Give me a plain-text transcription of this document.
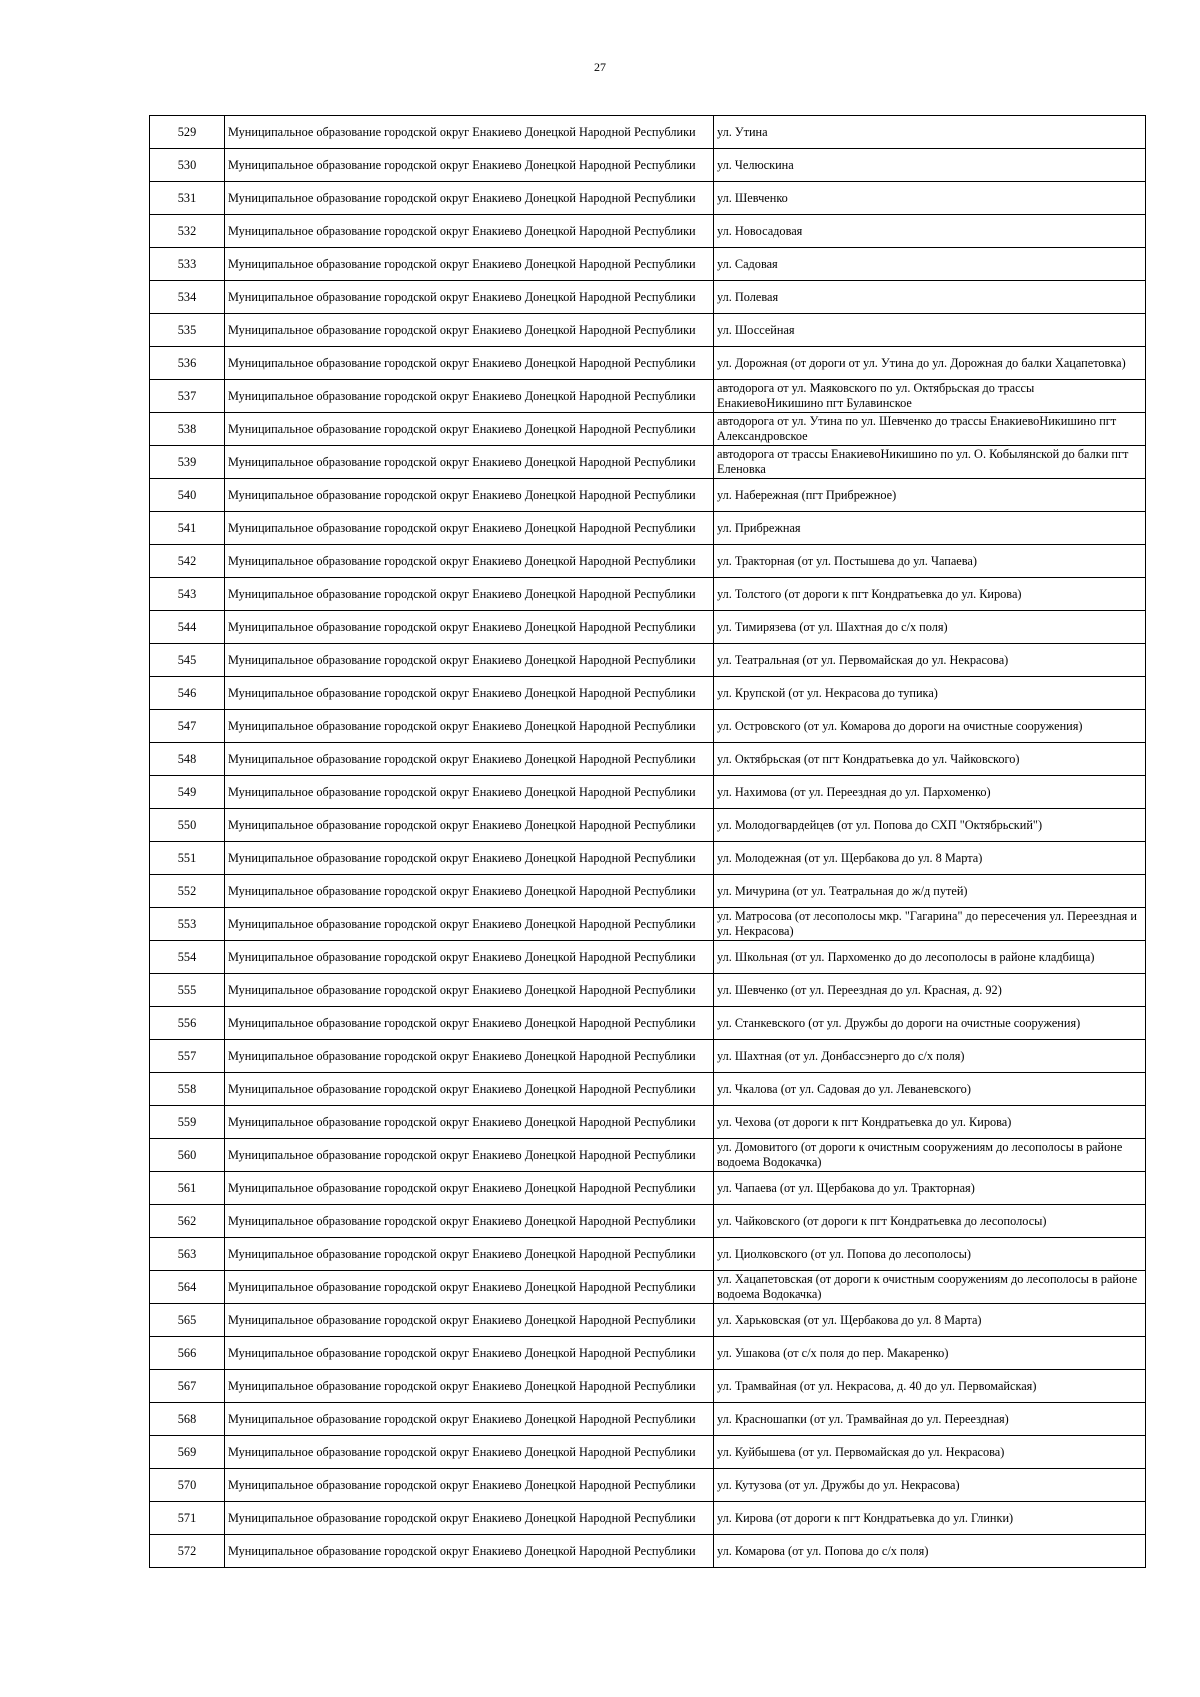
27
529	Муниципальное образование городской округ Енакиево Донецкой Народной Республики	ул. Утина
530	Муниципальное образование городской округ Енакиево Донецкой Народной Республики	ул. Челюскина
531	Муниципальное образование городской округ Енакиево Донецкой Народной Республики	ул. Шевченко
532	Муниципальное образование городской округ Енакиево Донецкой Народной Республики	ул. Новосадовая
533	Муниципальное образование городской округ Енакиево Донецкой Народной Республики	ул. Садовая
534	Муниципальное образование городской округ Енакиево Донецкой Народной Республики	ул. Полевая
535	Муниципальное образование городской округ Енакиево Донецкой Народной Республики	ул. Шоссейная
536	Муниципальное образование городской округ Енакиево Донецкой Народной Республики	ул. Дорожная (от дороги от ул. Утина до ул. Дорожная до балки Хацапетовка)
537	Муниципальное образование городской округ Енакиево Донецкой Народной Республики	автодорога от ул. Маяковского по ул. Октябрьская до трассы ЕнакиевоНикишино пгт Булавинское
538	Муниципальное образование городской округ Енакиево Донецкой Народной Республики	автодорога от ул. Утина по ул. Шевченко до трассы ЕнакиевоНикишино пгт Александровское
539	Муниципальное образование городской округ Енакиево Донецкой Народной Республики	автодорога от трассы ЕнакиевоНикишино по ул. О. Кобылянской до балки пгт Еленовка
540	Муниципальное образование городской округ Енакиево Донецкой Народной Республики	ул. Набережная (пгт Прибрежное)
541	Муниципальное образование городской округ Енакиево Донецкой Народной Республики	ул. Прибрежная
542	Муниципальное образование городской округ Енакиево Донецкой Народной Республики	ул. Тракторная (от ул. Постышева до ул. Чапаева)
543	Муниципальное образование городской округ Енакиево Донецкой Народной Республики	ул. Толстого (от дороги к пгт Кондратьевка до ул. Кирова)
544	Муниципальное образование городской округ Енакиево Донецкой Народной Республики	ул. Тимирязева (от ул. Шахтная до с/х поля)
545	Муниципальное образование городской округ Енакиево Донецкой Народной Республики	ул. Театральная (от ул. Первомайская до ул. Некрасова)
546	Муниципальное образование городской округ Енакиево Донецкой Народной Республики	ул. Крупской (от ул. Некрасова до тупика)
547	Муниципальное образование городской округ Енакиево Донецкой Народной Республики	ул. Островского (от ул. Комарова до дороги на очистные сооружения)
548	Муниципальное образование городской округ Енакиево Донецкой Народной Республики	ул. Октябрьская (от пгт Кондратьевка до ул. Чайковского)
549	Муниципальное образование городской округ Енакиево Донецкой Народной Республики	ул. Нахимова (от ул. Переездная до ул. Пархоменко)
550	Муниципальное образование городской округ Енакиево Донецкой Народной Республики	ул. Молодогвардейцев (от ул. Попова до СХП "Октябрьский")
551	Муниципальное образование городской округ Енакиево Донецкой Народной Республики	ул. Молодежная (от ул. Щербакова до ул. 8 Марта)
552	Муниципальное образование городской округ Енакиево Донецкой Народной Республики	ул. Мичурина (от ул. Театральная до ж/д путей)
553	Муниципальное образование городской округ Енакиево Донецкой Народной Республики	ул. Матросова (от лесополосы мкр. "Гагарина" до пересечения ул. Переездная и ул. Некрасова)
554	Муниципальное образование городской округ Енакиево Донецкой Народной Республики	ул. Школьная (от ул. Пархоменко до до лесополосы в районе кладбища)
555	Муниципальное образование городской округ Енакиево Донецкой Народной Республики	ул. Шевченко (от ул. Переездная до ул. Красная, д. 92)
556	Муниципальное образование городской округ Енакиево Донецкой Народной Республики	ул. Станкевского (от ул. Дружбы до дороги на очистные сооружения)
557	Муниципальное образование городской округ Енакиево Донецкой Народной Республики	ул. Шахтная (от ул. Донбассэнерго до с/х поля)
558	Муниципальное образование городской округ Енакиево Донецкой Народной Республики	ул. Чкалова (от ул. Садовая до ул. Леваневского)
559	Муниципальное образование городской округ Енакиево Донецкой Народной Республики	ул. Чехова (от дороги к пгт Кондратьевка до ул. Кирова)
560	Муниципальное образование городской округ Енакиево Донецкой Народной Республики	ул. Домовитого (от дороги к очистным сооружениям до лесополосы в районе водоема Водокачка)
561	Муниципальное образование городской округ Енакиево Донецкой Народной Республики	ул. Чапаева (от ул. Щербакова до ул. Тракторная)
562	Муниципальное образование городской округ Енакиево Донецкой Народной Республики	ул. Чайковского (от дороги к пгт Кондратьевка до лесополосы)
563	Муниципальное образование городской округ Енакиево Донецкой Народной Республики	ул. Циолковского (от ул. Попова до лесополосы)
564	Муниципальное образование городской округ Енакиево Донецкой Народной Республики	ул. Хацапетовская (от дороги к очистным сооружениям до лесополосы в районе водоема Водокачка)
565	Муниципальное образование городской округ Енакиево Донецкой Народной Республики	ул. Харьковская (от ул. Щербакова до ул. 8 Марта)
566	Муниципальное образование городской округ Енакиево Донецкой Народной Республики	ул. Ушакова (от с/х поля до пер. Макаренко)
567	Муниципальное образование городской округ Енакиево Донецкой Народной Республики	ул. Трамвайная (от ул. Некрасова, д. 40 до ул. Первомайская)
568	Муниципальное образование городской округ Енакиево Донецкой Народной Республики	ул. Красношапки (от ул. Трамвайная до ул. Переездная)
569	Муниципальное образование городской округ Енакиево Донецкой Народной Республики	ул. Куйбышева (от ул. Первомайская до ул. Некрасова)
570	Муниципальное образование городской округ Енакиево Донецкой Народной Республики	ул. Кутузова (от ул. Дружбы до ул. Некрасова)
571	Муниципальное образование городской округ Енакиево Донецкой Народной Республики	ул. Кирова (от дороги к пгт Кондратьевка до ул. Глинки)
572	Муниципальное образование городской округ Енакиево Донецкой Народной Республики	ул. Комарова (от ул. Попова до с/х поля)
